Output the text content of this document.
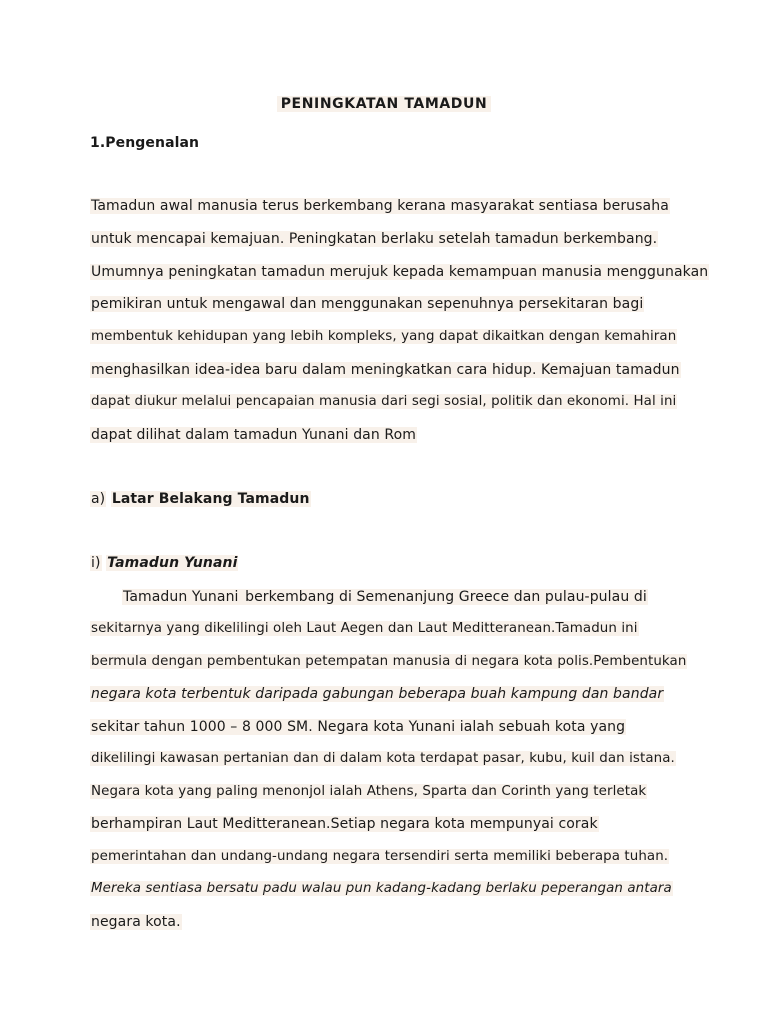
PENINGKATAN TAMADUN
1.Pengenalan
Tamadun awal manusia terus berkembang kerana masyarakat sentiasa berusaha
untuk mencapai kemajuan. Peningkatan berlaku setelah tamadun berkembang.
Umumnya peningkatan tamadun merujuk kepada kemampuan manusia menggunakan
pemikiran untuk mengawal dan menggunakan sepenuhnya persekitaran bagi
membentuk kehidupan yang lebih kompleks, yang dapat dikaitkan dengan kemahiran
menghasilkan idea-idea baru dalam meningkatkan cara hidup. Kemajuan tamadun
dapat diukur melalui pencapaian manusia dari segi sosial, politik dan ekonomi. Hal ini
dapat dilihat dalam tamadun Yunani dan Rom
a) Latar Belakang Tamadun
i) Tamadun Yunani
Tamadun Yunani berkembang di Semenanjung Greece dan pulau-pulau di
sekitarnya yang dikelilingi oleh Laut Aegen dan Laut Meditteranean.Tamadun ini
bermula dengan pembentukan petempatan manusia di negara kota polis.Pembentukan
negara kota terbentuk daripada gabungan beberapa buah kampung dan bandar
sekitar tahun 1000 – 8 000 SM. Negara kota Yunani ialah sebuah kota yang
dikelilingi kawasan pertanian dan di dalam kota terdapat pasar, kubu, kuil dan istana.
Negara kota yang paling menonjol ialah Athens, Sparta dan Corinth yang terletak
berhampiran Laut Meditteranean.Setiap negara kota mempunyai corak
pemerintahan dan undang-undang negara tersendiri serta memiliki beberapa tuhan.
Mereka sentiasa bersatu padu walau pun kadang-kadang berlaku peperangan antara
negara kota.
